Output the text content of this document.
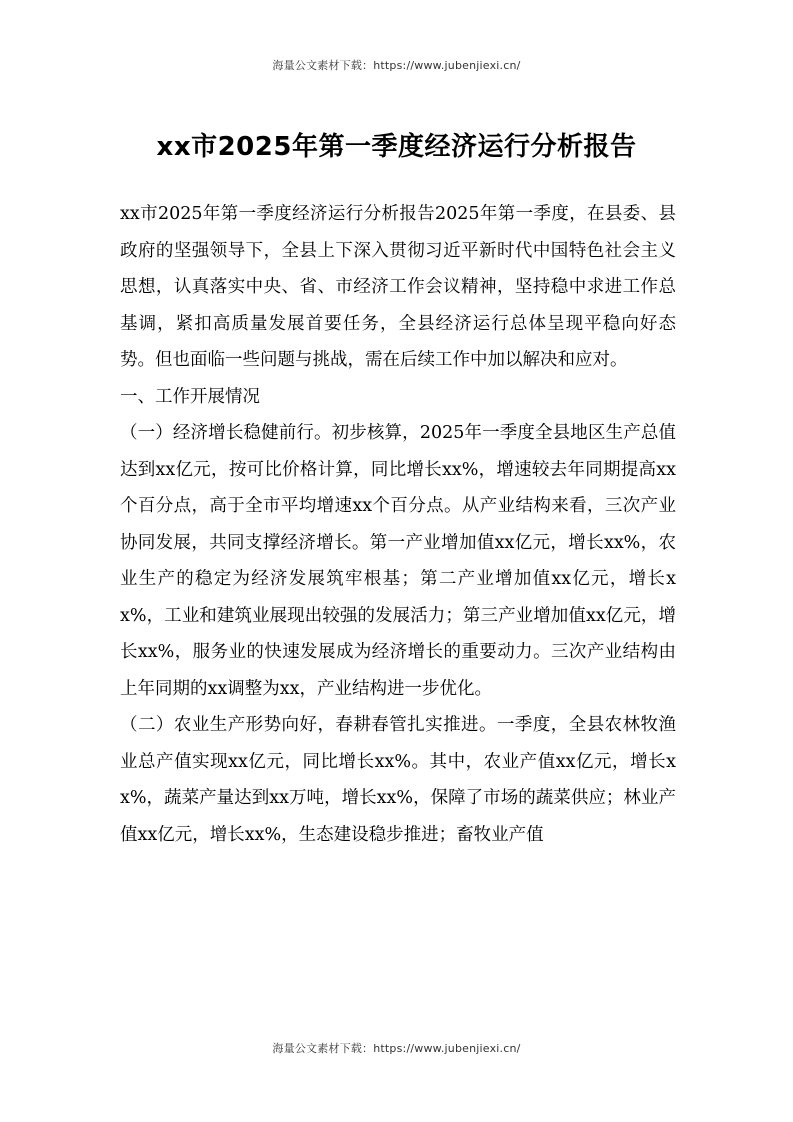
海量公文素材下载：https://www.jubenjiexi.cn/
xx市2025年第一季度经济运行分析报告

xx市2025年第一季度经济运行分析报告2025年第一季度，在县委、县政府的坚强领导下，全县上下深入贯彻习近平新时代中国特色社会主义思想，认真落实中央、省、市经济工作会议精神，坚持稳中求进工作总基调，紧扣高质量发展首要任务，全县经济运行总体呈现平稳向好态势。但也面临一些问题与挑战，需在后续工作中加以解决和应对。

一、工作开展情况

（一）经济增长稳健前行。初步核算，2025年一季度全县地区生产总值达到xx亿元，按可比价格计算，同比增长xx%，增速较去年同期提高xx个百分点，高于全市平均增速xx个百分点。从产业结构来看，三次产业协同发展，共同支撑经济增长。第一产业增加值xx亿元，增长xx%，农业生产的稳定为经济发展筑牢根基；第二产业增加值xx亿元，增长xx%，工业和建筑业展现出较强的发展活力；第三产业增加值xx亿元，增长xx%，服务业的快速发展成为经济增长的重要动力。三次产业结构由上年同期的xx调整为xx，产业结构进一步优化。

（二）农业生产形势向好，春耕春管扎实推进。一季度，全县农林牧渔业总产值实现xx亿元，同比增长xx%。其中，农业产值xx亿元，增长xx%，蔬菜产量达到xx万吨，增长xx%，保障了市场的蔬菜供应；林业产值xx亿元，增长xx%，生态建设稳步推进；畜牧业产值

海量公文素材下载：https://www.jubenjiexi.cn/
